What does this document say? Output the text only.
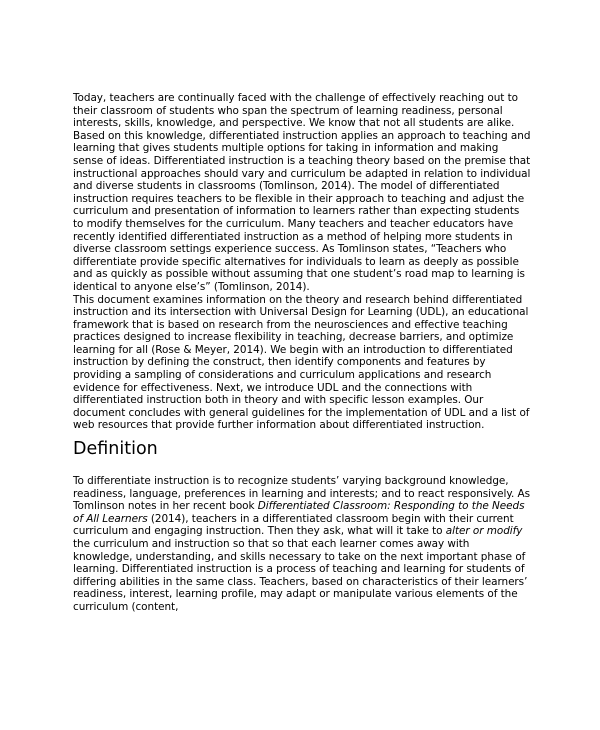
Today, teachers are continually faced with the challenge of effectively reaching out to their classroom of students who span the spectrum of learning readiness, personal interests, skills, knowledge, and perspective. We know that not all students are alike. Based on this knowledge, differentiated instruction applies an approach to teaching and learning that gives students multiple options for taking in information and making sense of ideas. Differentiated instruction is a teaching theory based on the premise that instructional approaches should vary and curriculum be adapted in relation to individual and diverse students in classrooms (Tomlinson, 2014). The model of differentiated instruction requires teachers to be flexible in their approach to teaching and adjust the curriculum and presentation of information to learners rather than expecting students to modify themselves for the curriculum. Many teachers and teacher educators have recently identified differentiated instruction as a method of helping more students in diverse classroom settings experience success. As Tomlinson states, “Teachers who differentiate provide specific alternatives for individuals to learn as deeply as possible and as quickly as possible without assuming that one student’s road map to learning is identical to anyone else’s” (Tomlinson, 2014).

This document examines information on the theory and research behind differentiated instruction and its intersection with Universal Design for Learning (UDL), an educational framework that is based on research from the neurosciences and effective teaching practices designed to increase flexibility in teaching, decrease barriers, and optimize learning for all (Rose & Meyer, 2014). We begin with an introduction to differentiated instruction by defining the construct, then identify components and features by providing a sampling of considerations and curriculum applications and research evidence for effectiveness. Next, we introduce UDL and the connections with differentiated instruction both in theory and with specific lesson examples. Our document concludes with general guidelines for the implementation of UDL and a list of web resources that provide further information about differentiated instruction.

Definition

To differentiate instruction is to recognize students’ varying background knowledge, readiness, language, preferences in learning and interests; and to react responsively. As Tomlinson notes in her recent book Differentiated Classroom: Responding to the Needs of All Learners (2014), teachers in a differentiated classroom begin with their current curriculum and engaging instruction. Then they ask, what will it take to alter or modify the curriculum and instruction so that so that each learner comes away with knowledge, understanding, and skills necessary to take on the next important phase of learning. Differentiated instruction is a process of teaching and learning for students of differing abilities in the same class. Teachers, based on characteristics of their learners’ readiness, interest, learning profile, may adapt or manipulate various elements of the curriculum (content,
